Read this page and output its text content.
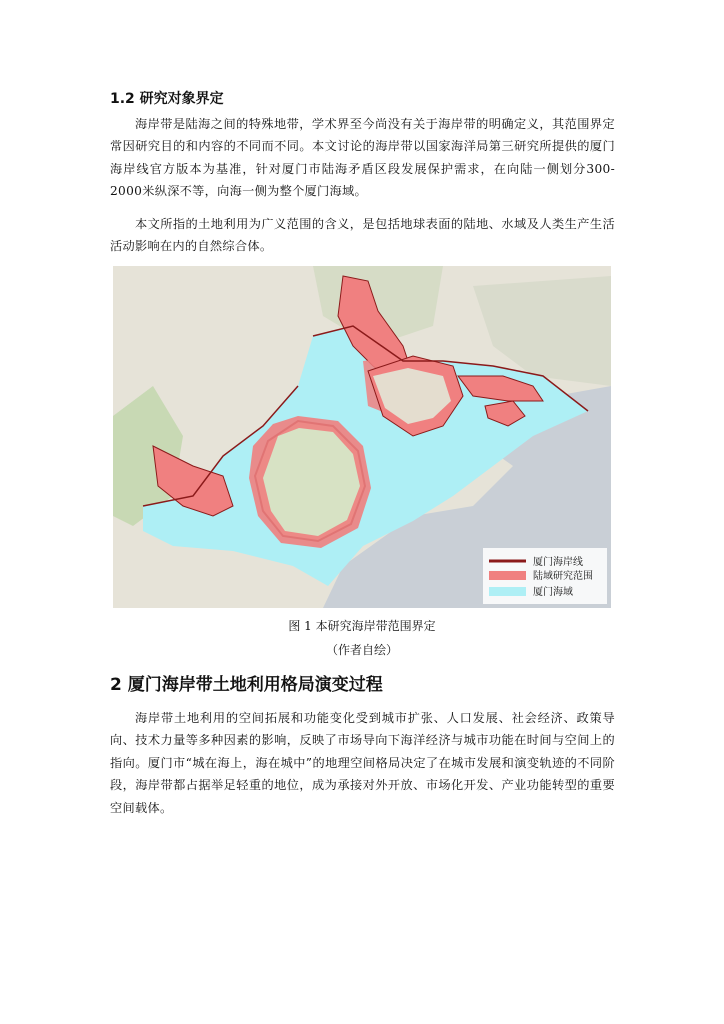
1.2 研究对象界定
海岸带是陆海之间的特殊地带，学术界至今尚没有关于海岸带的明确定义，其范围界定常因研究目的和内容的不同而不同。本文讨论的海岸带以国家海洋局第三研究所提供的厦门海岸线官方版本为基准，针对厦门市陆海矛盾区段发展保护需求，在向陆一侧划分300-2000米纵深不等，向海一侧为整个厦门海域。
本文所指的土地利用为广义范围的含义，是包括地球表面的陆地、水域及人类生产生活活动影响在内的自然综合体。
厦门海岸线
陆域研究范围
厦门海域
图 1 本研究海岸带范围界定
（作者自绘）
2 厦门海岸带土地利用格局演变过程
海岸带土地利用的空间拓展和功能变化受到城市扩张、人口发展、社会经济、政策导向、技术力量等多种因素的影响，反映了市场导向下海洋经济与城市功能在时间与空间上的指向。厦门市“城在海上，海在城中”的地理空间格局决定了在城市发展和演变轨迹的不同阶段，海岸带都占据举足轻重的地位，成为承接对外开放、市场化开发、产业功能转型的重要空间载体。
